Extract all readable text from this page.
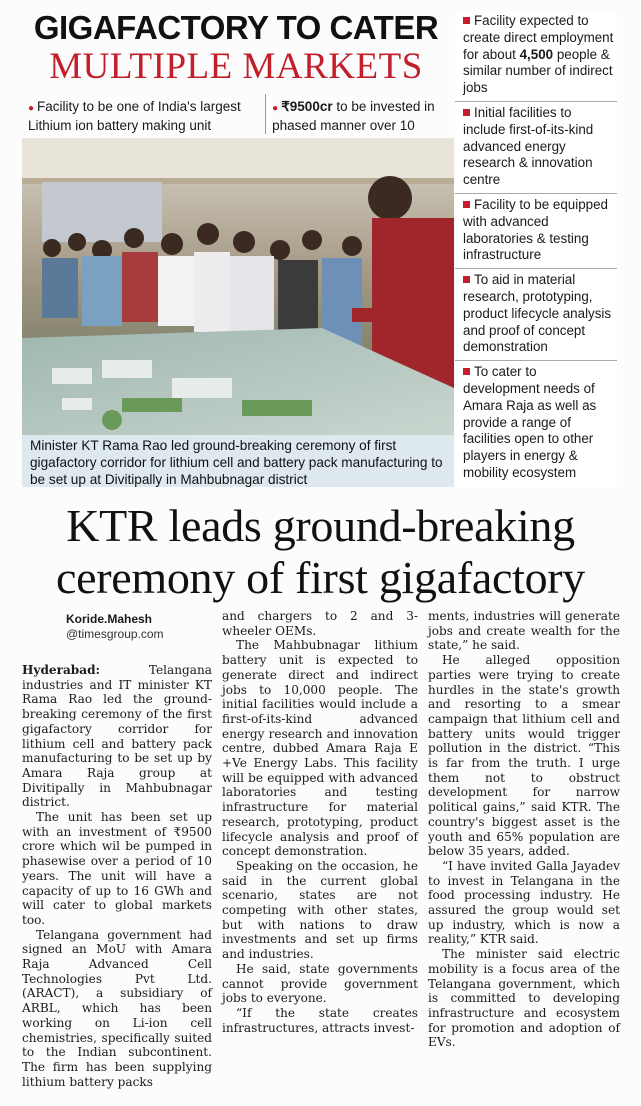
GIGAFACTORY TO CATER
MULTIPLE MARKETS
● Facility to be one of India's largest Lithium ion battery making unit
● ₹9500cr to be invested in phased manner over 10
Minister KT Rama Rao led ground-breaking ceremony of first gigafactory corridor for lithium cell and battery pack manufacturing to be set up at Divitipally in Mahbubnagar district
Facility expected to create direct employment for about 4,500 people & similar number of indirect jobs
Initial facilities to include first-of-its-kind advanced energy research & innovation centre
Facility to be equipped with advanced laboratories & testing infrastructure
To aid in material research, prototyping, product lifecycle analysis and proof of concept demonstration
To cater to development needs of Amara Raja as well as provide a range of facilities open to other players in energy & mobility ecosystem
KTR leads ground-breaking
ceremony of first gigafactory
Koride.Mahesh
@timesgroup.com

Hyderabad: Telangana industries and IT minister KT Rama Rao led the ground-breaking ceremony of the first gigafactory corridor for lithium cell and battery pack manufacturing to be set up by Amara Raja group at Divitipally in Mahbubnagar district.

The unit has been set up with an investment of ₹9500 crore which wil be pumped in phasewise over a period of 10 years. The unit will have a capacity of up to 16 GWh and will cater to global markets too.

Telangana government had signed an MoU with Amara Raja Advanced Cell Technologies Pvt Ltd. (ARACT), a subsidiary of ARBL, which has been working on Li-ion cell chemistries, specifically suited to the Indian subcontinent. The firm has been supplying lithium battery packs

and chargers to 2 and 3-wheeler OEMs.

The Mahbubnagar lithium battery unit is expected to generate direct and indirect jobs to 10,000 people. The initial facilities would include a first-of-its-kind advanced energy research and innovation centre, dubbed Amara Raja E +Ve Energy Labs. This facility will be equipped with advanced laboratories and testing infrastructure for material research, prototyping, product lifecycle analysis and proof of concept demonstration.

Speaking on the occasion, he said in the current global scenario, states are not competing with other states, but with nations to draw investments and set up firms and industries.

He said, state governments cannot provide government jobs to everyone.

“If the state creates infrastructures, attracts invest-

ments, industries will generate jobs and create wealth for the state,” he said.

He alleged opposition parties were trying to create hurdles in the state's growth and resorting to a smear campaign that lithium cell and battery units would trigger pollution in the district. “This is far from the truth. I urge them not to obstruct development for narrow political gains,” said KTR. The country's biggest asset is the youth and 65% population are below 35 years, added.

“I have invited Galla Jayadev to invest in Telangana in the food processing industry. He assured the group would set up industry, which is now a reality,” KTR said.

The minister said electric mobility is a focus area of the Telangana government, which is committed to developing infrastructure and ecosystem for promotion and adoption of EVs.
